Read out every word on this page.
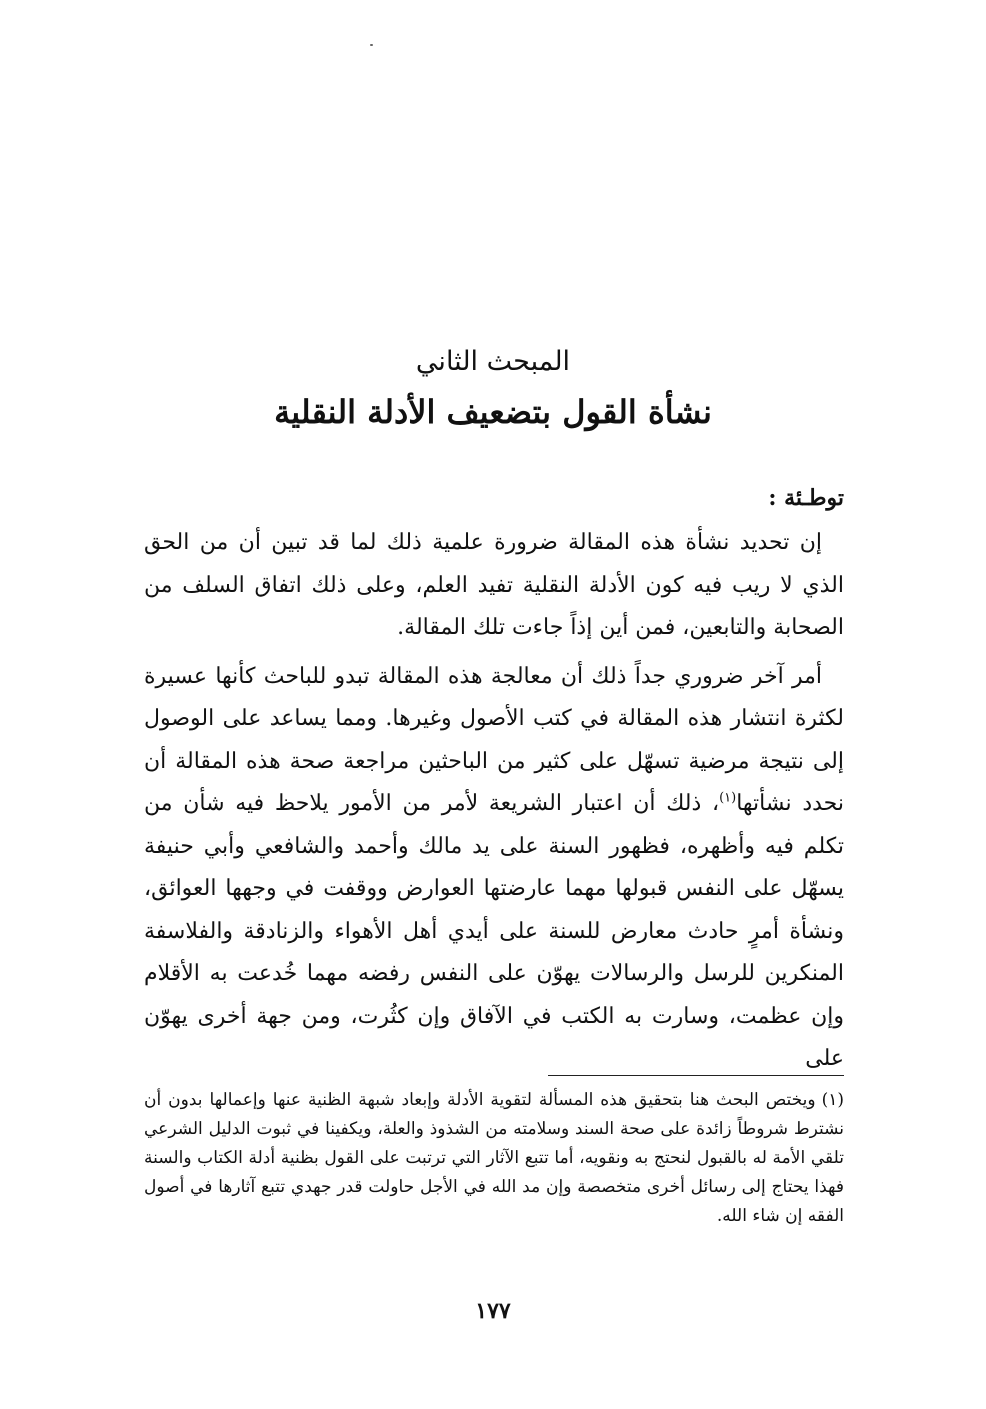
المبحث الثاني

نشأة القول بتضعيف الأدلة النقلية

توطـئة :

إن تحديد نشأة هذه المقالة ضرورة علمية ذلك لما قد تبين أن من الحق الذي لا ريب فيه كون الأدلة النقلية تفيد العلم، وعلى ذلك اتفاق السلف من الصحابة والتابعين، فمن أين إذاً جاءت تلك المقالة.

أمر آخر ضروري جداً ذلك أن معالجة هذه المقالة تبدو للباحث كأنها عسيرة لكثرة انتشار هذه المقالة في كتب الأصول وغيرها. ومما يساعد على الوصول إلى نتيجة مرضية تسهّل على كثير من الباحثين مراجعة صحة هذه المقالة أن نحدد نشأتها$^{(١)}$، ذلك أن اعتبار الشريعة لأمر من الأمور يلاحظ فيه شأن من تكلم فيه وأظهره، فظهور السنة على يد مالك وأحمد والشافعي وأبي حنيفة يسهّل على النفس قبولها مهما عارضتها العوارض ووقفت في وجهها العوائق، ونشأة أمرٍ حادث معارض للسنة على أيدي أهل الأهواء والزنادقة والفلاسفة المنكرين للرسل والرسالات يهوّن على النفس رفضه مهما خُدعت به الأقلام وإن عظمت، وسارت به الكتب في الآفاق وإن كثُرت، ومن جهة أخرى يهوّن على

(١)ويختص البحث هنا بتحقيق هذه المسألة لتقوية الأدلة وإبعاد شبهة الظنية عنها وإعمالها بدون أن نشترط شروطاً زائدة على صحة السند وسلامته من الشذوذ والعلة، ويكفينا في ثبوت الدليل الشرعي تلقي الأمة له بالقبول لنحتج به ونقويه، أما تتبع الآثار التي ترتبت على القول بظنية أدلة الكتاب والسنة فهذا يحتاج إلى رسائل أخرى متخصصة وإن مد الله في الأجل حاولت قدر جهدي تتبع آثارها في أصول الفقه إن شاء الله.

١٧٧
